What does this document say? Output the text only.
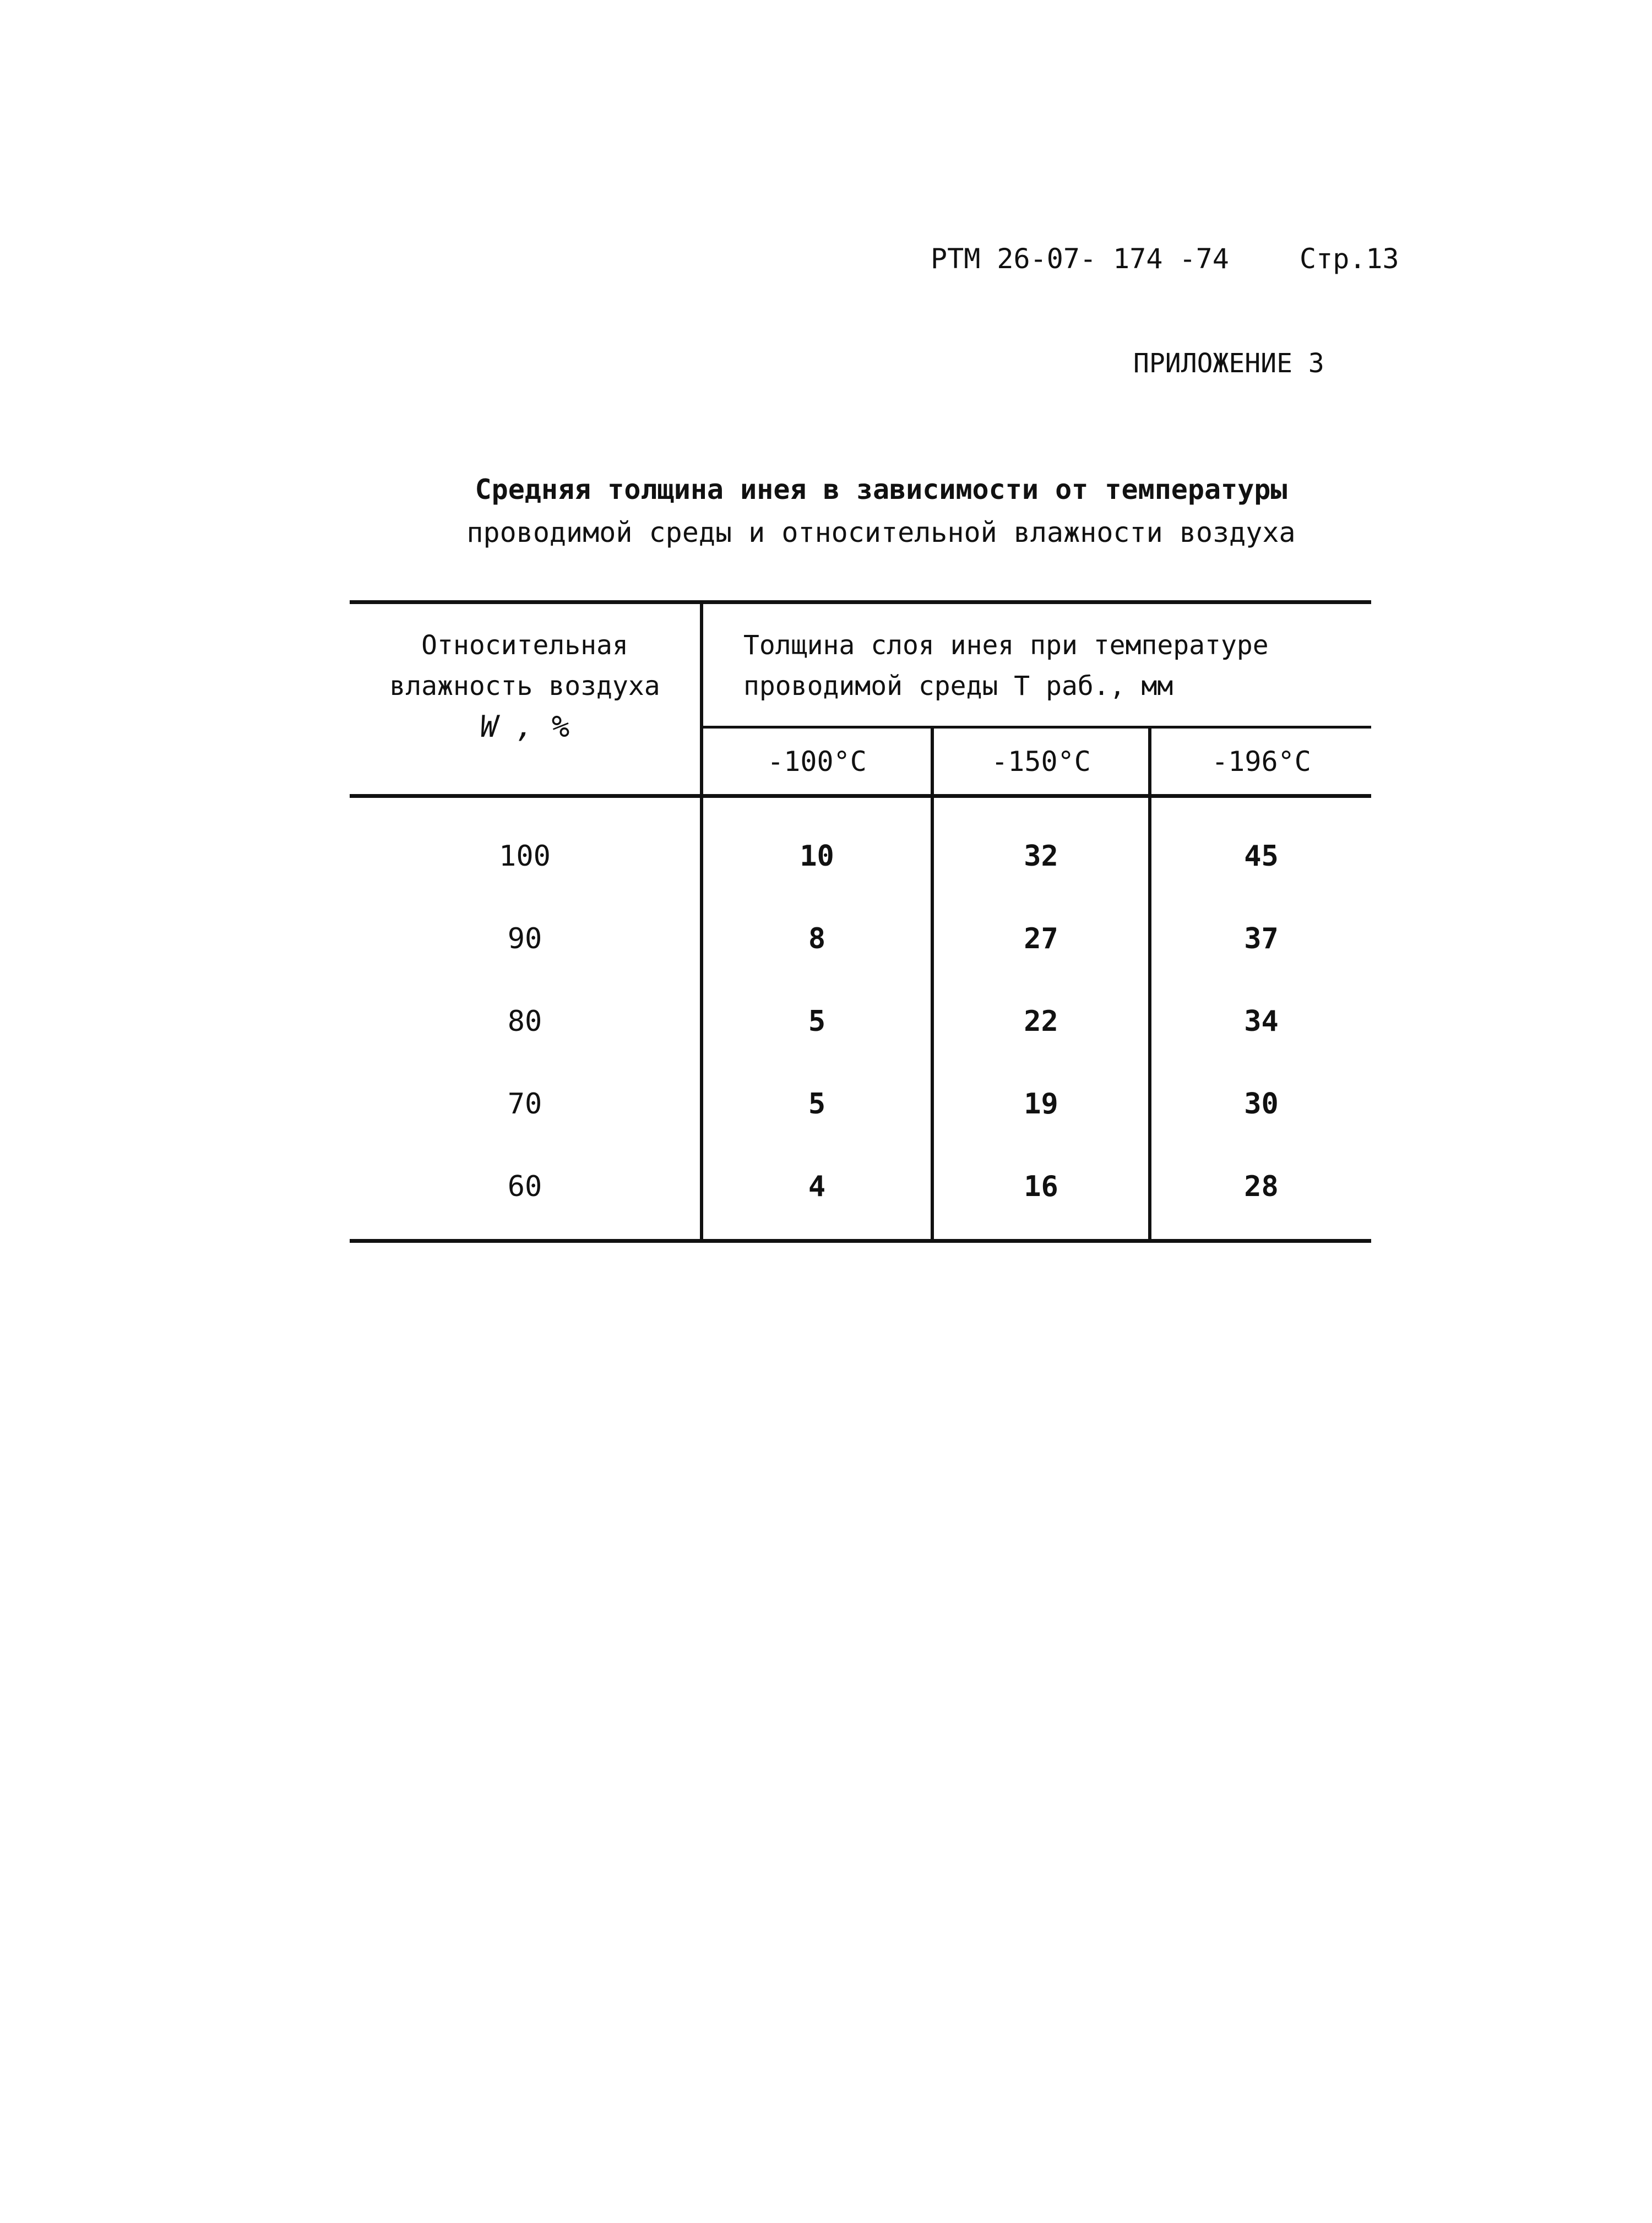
РТМ 26-07- 174 -74	Стр.13
ПРИЛОЖЕНИЕ 3
Средняя толщина инея в зависимости от температуры
проводимой среды и относительной влажности воздуха
Относительная
влажность воздуха
W , %
Толщина слоя инея при температуре
проводимой среды T раб., мм
-100°C	-150°C	-196°C
100	10	32	45
90	8	27	37
80	5	22	34
70	5	19	30
60	4	16	28
